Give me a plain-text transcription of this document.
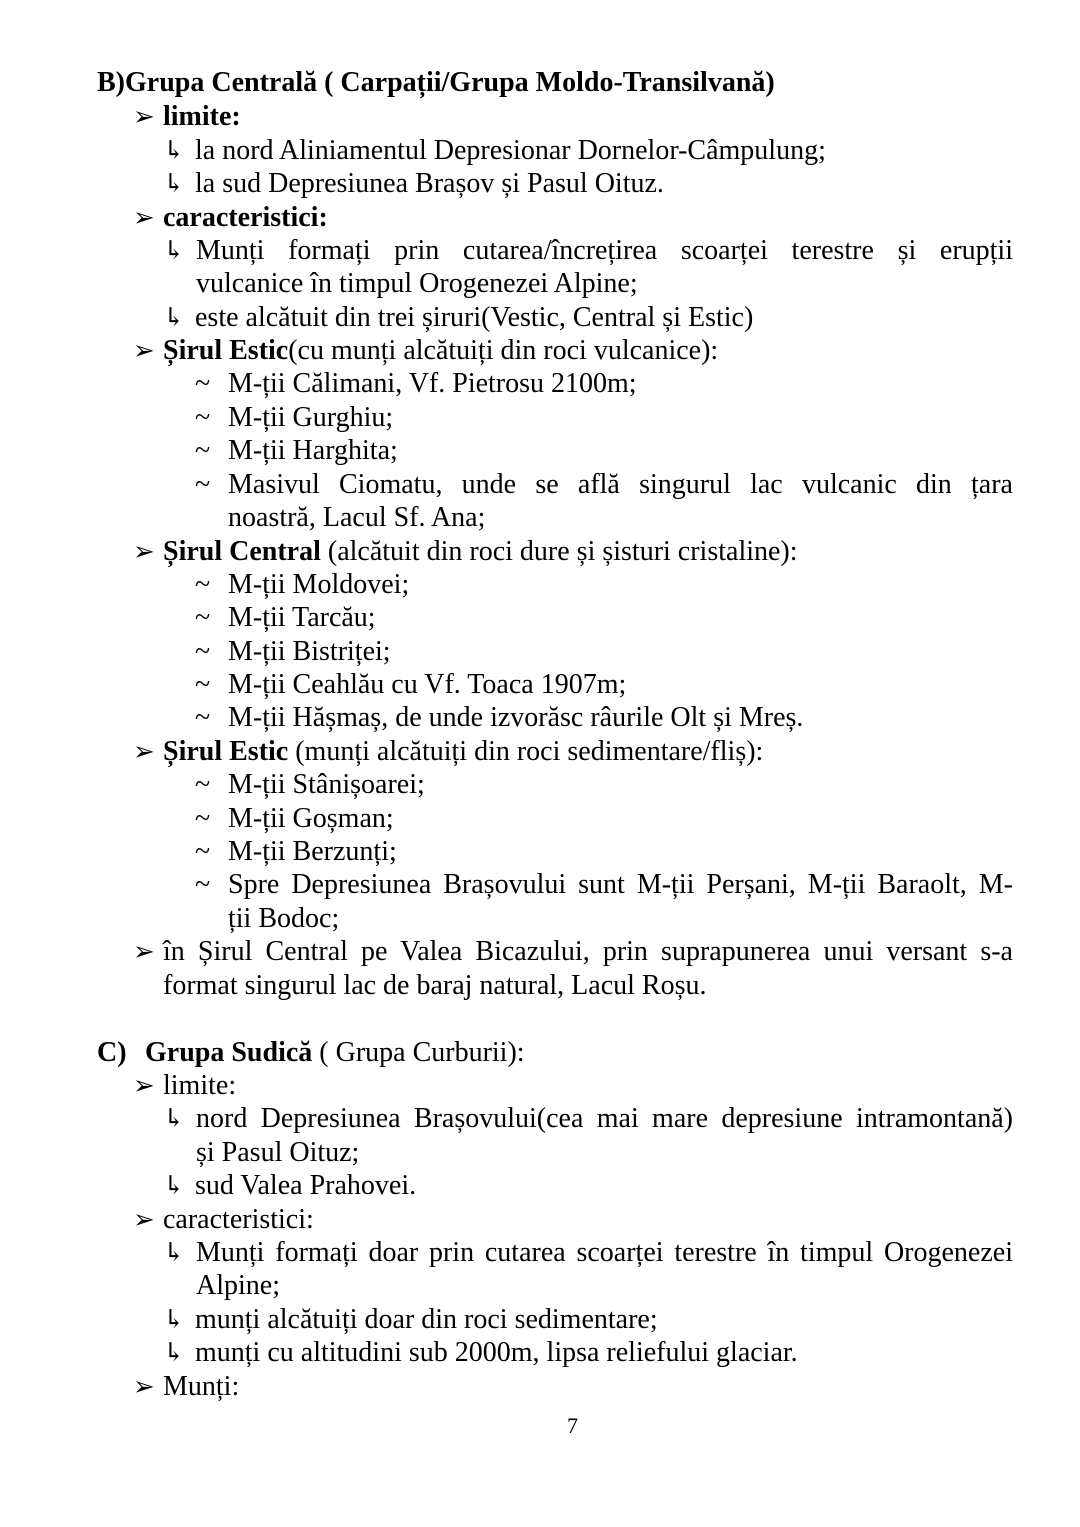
B)Grupa Centrală ( Carpații/Grupa Moldo-Transilvană)
➢ limite:
↳ la nord Aliniamentul Depresionar Dornelor-Câmpulung;
↳ la sud Depresiunea Brașov și Pasul Oituz.
➢ caracteristici:
↳ Munți formați prin cutarea/încrețirea scoarței terestre și erupții
vulcanice în timpul Orogenezei Alpine;
↳ este alcătuit din trei șiruri(Vestic, Central și Estic)
➢ Șirul Estic(cu munți alcătuiți din roci vulcanice):
~ M-ții Călimani, Vf. Pietrosu 2100m;
~ M-ții Gurghiu;
~ M-ții Harghita;
~ Masivul Ciomatu, unde se află singurul lac vulcanic din țara
noastră, Lacul Sf. Ana;
➢ Șirul Central (alcătuit din roci dure și șisturi cristaline):
~ M-ții Moldovei;
~ M-ții Tarcău;
~ M-ții Bistriței;
~ M-ții Ceahlău cu Vf. Toaca 1907m;
~ M-ții Hășmaș, de unde izvorăsc râurile Olt și Mreș.
➢ Șirul Estic (munți alcătuiți din roci sedimentare/fliș):
~ M-ții Stânișoarei;
~ M-ții Goșman;
~ M-ții Berzunți;
~ Spre Depresiunea Brașovului sunt M-ții Perșani, M-ții Baraolt, M-
ții Bodoc;
➢ în Șirul Central pe Valea Bicazului, prin suprapunerea unui versant s-a
format singurul lac de baraj natural, Lacul Roșu.
C) Grupa Sudică ( Grupa Curburii):
➢ limite:
↳ nord Depresiunea Brașovului(cea mai mare depresiune intramontană)
și Pasul Oituz;
↳ sud Valea Prahovei.
➢ caracteristici:
↳ Munți formați doar prin cutarea scoarței terestre în timpul Orogenezei
Alpine;
↳ munți alcătuiți doar din roci sedimentare;
↳ munți cu altitudini sub 2000m, lipsa reliefului glaciar.
➢ Munți:
7
